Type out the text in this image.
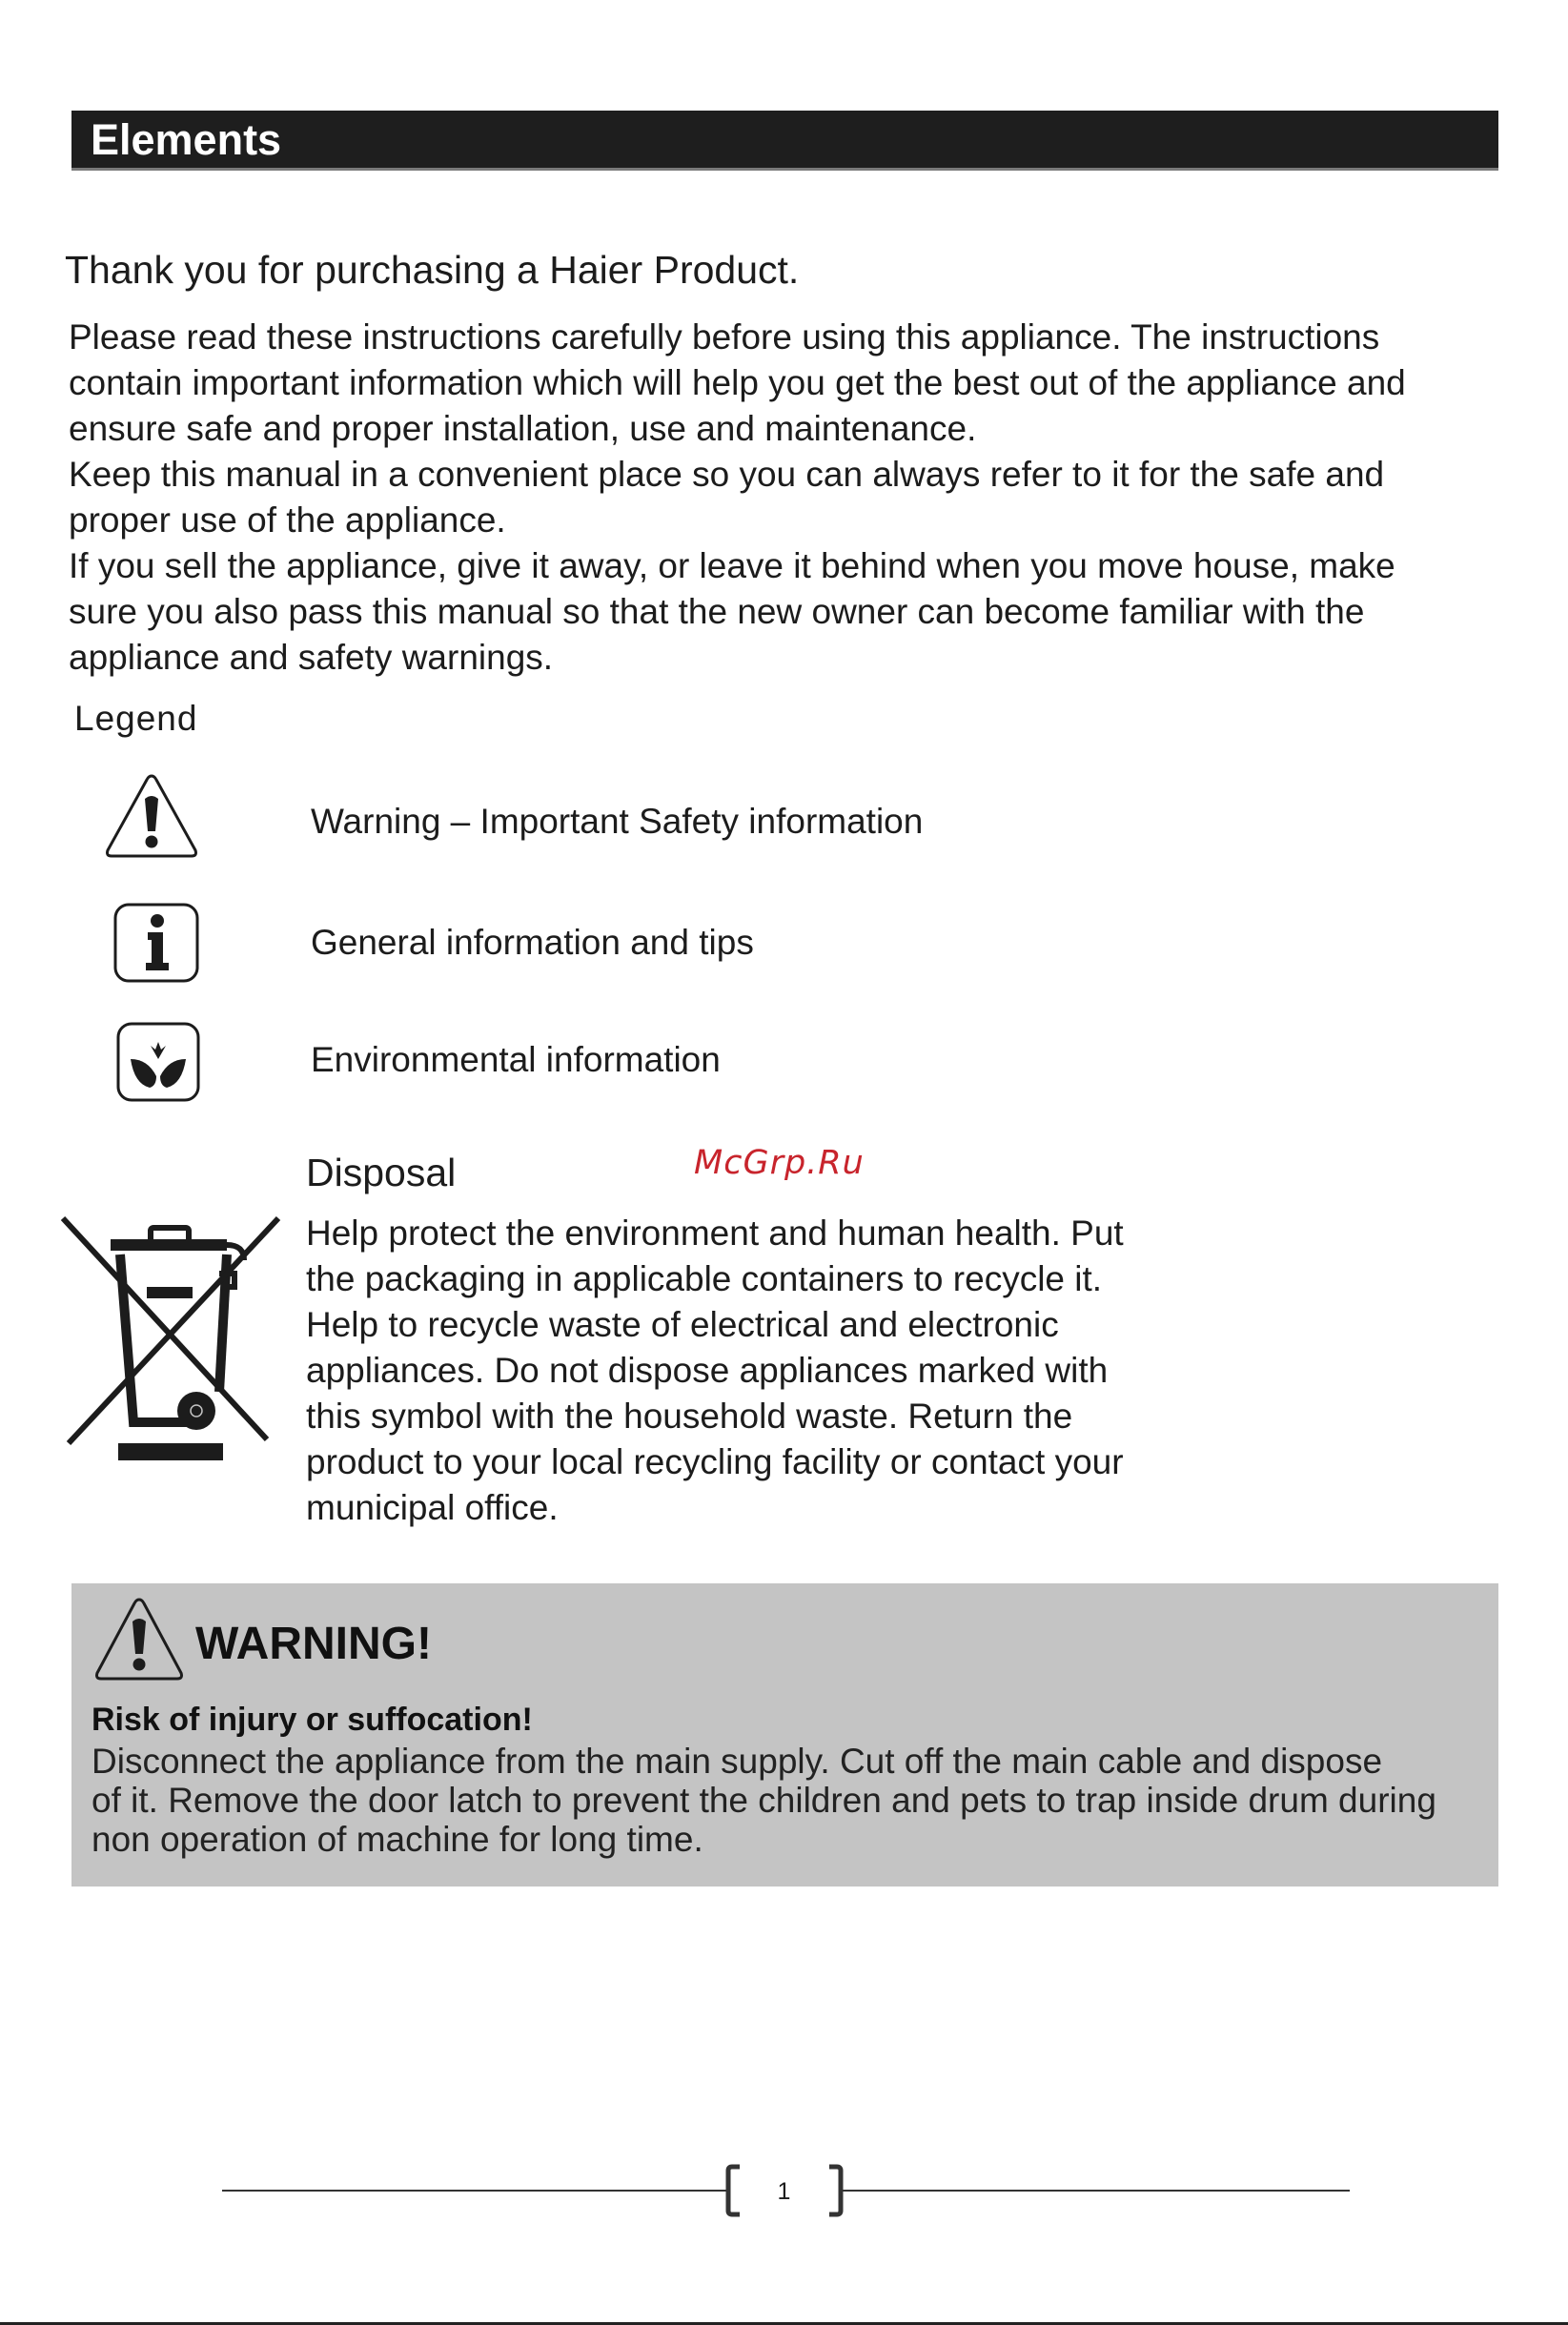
Elements
Thank you for purchasing a Haier Product.

Please read these instructions carefully before using this appliance. The instructions

contain important information which will help you get the best out of the appliance and

ensure safe and proper installation, use and maintenance.

Keep this manual in a convenient place so you can always refer to it for the safe and

proper use of the appliance.

If you sell the appliance, give it away, or leave it behind when you move house, make

sure you also pass this manual so that the new owner can become familiar with the

appliance and safety warnings.

Legend
Warning – Important Safety information
General information and tips
Environmental information
Disposal	McGrp.Ru
Help protect the environment and human health. Put
the packaging in applicable containers to recycle it.
Help to recycle waste of electrical and electronic
appliances. Do not dispose appliances marked with
this symbol with the household waste. Return the
product to your local recycling facility or contact your
municipal office.
WARNING!
Risk of injury or suffocation!
Disconnect the appliance from the main supply. Cut off the main cable and dispose
of it. Remove the door latch to prevent the children and pets to trap inside drum during
non operation of machine for long time.
1
